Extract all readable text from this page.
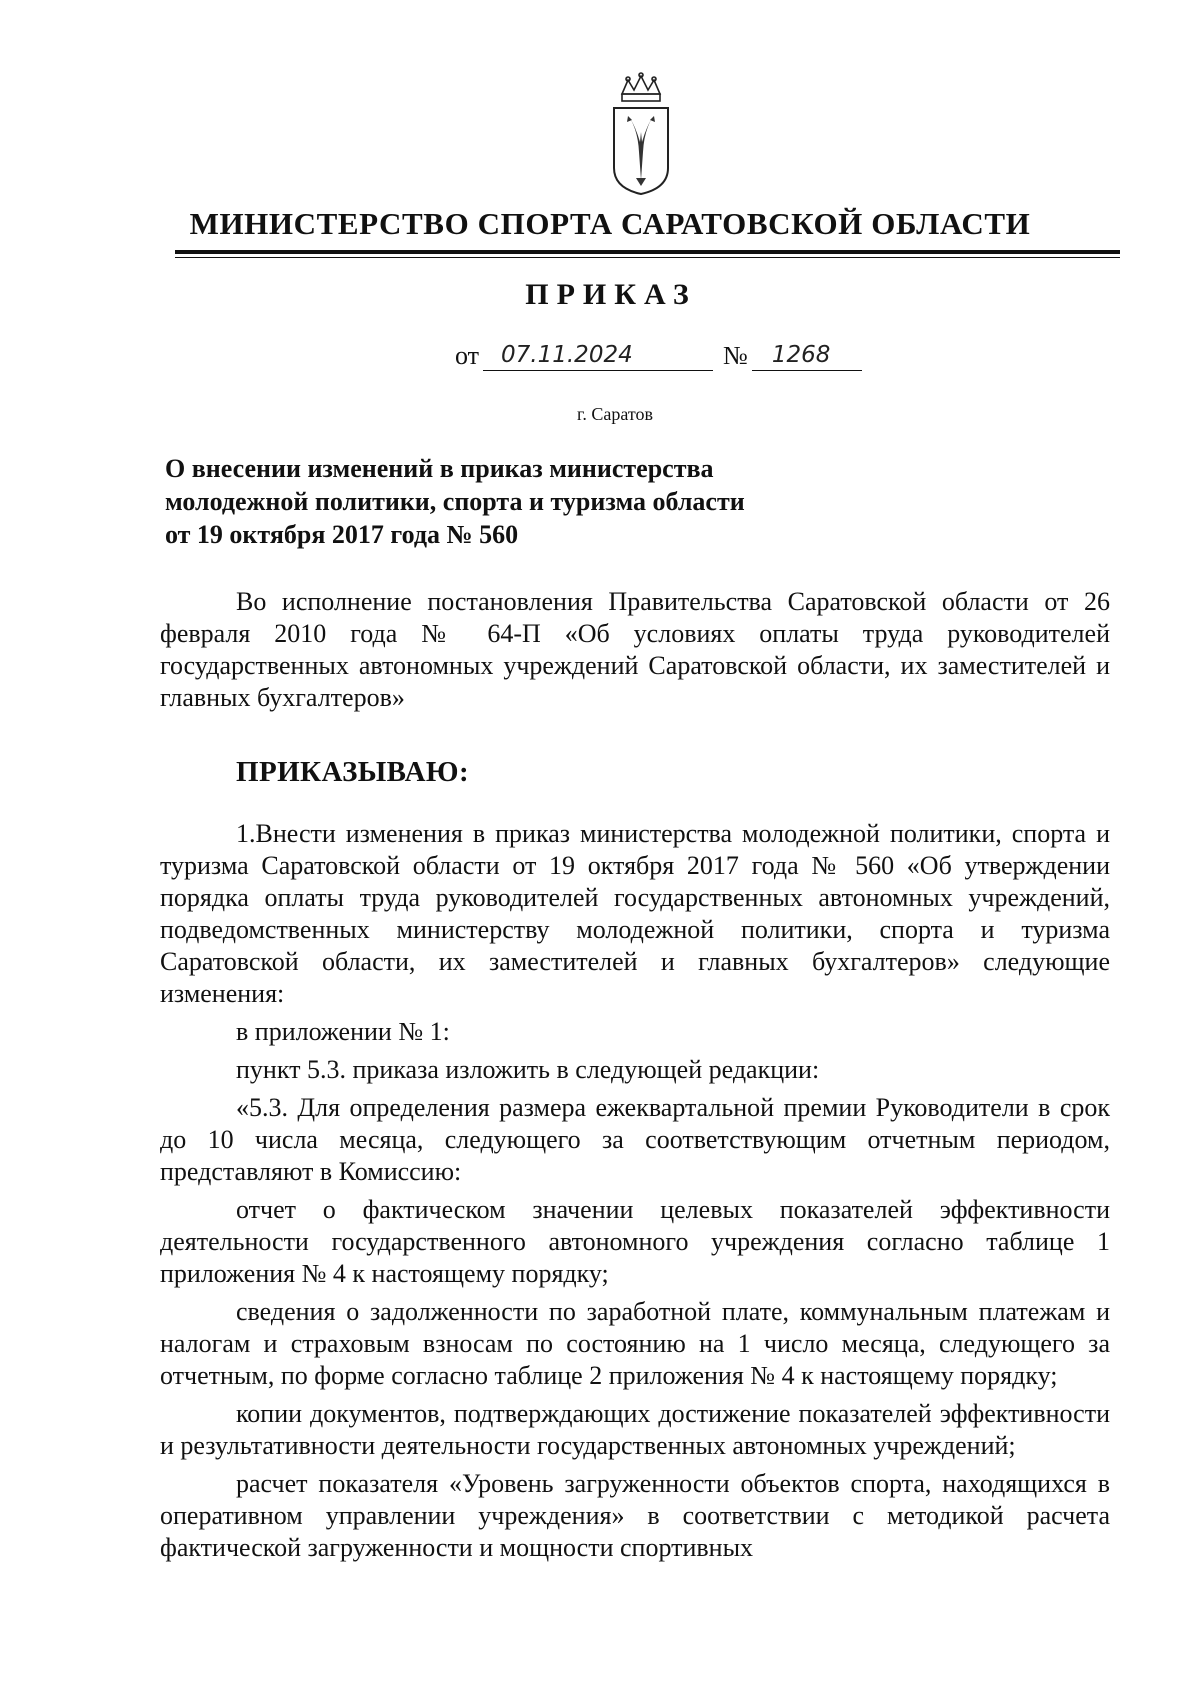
МИНИСТЕРСТВО СПОРТА САРАТОВСКОЙ ОБЛАСТИ
ПРИКАЗ
от 07.11.2024	№ 1268
г. Саратов
О внесении изменений в приказ министерства
молодежной политики, спорта и туризма области
от 19 октября 2017 года № 560

Во исполнение постановления Правительства Саратовской области от 26 февраля 2010 года № 64-П «Об условиях оплаты труда руководителей государственных автономных учреждений Саратовской области, их заместителей и главных бухгалтеров»

ПРИКАЗЫВАЮ:

1.Внести изменения в приказ министерства молодежной политики, спорта и туризма Саратовской области от 19 октября 2017 года № 560 «Об утверждении порядка оплаты труда руководителей государственных автономных учреждений, подведомственных министерству молодежной политики, спорта и туризма Саратовской области, их заместителей и главных бухгалтеров» следующие изменения:

в приложении № 1:

пункт 5.3. приказа изложить в следующей редакции:

«5.3. Для определения размера ежеквартальной премии Руководители в срок до 10 числа месяца, следующего за соответствующим отчетным периодом, представляют в Комиссию:

отчет о фактическом значении целевых показателей эффективности деятельности государственного автономного учреждения согласно таблице 1 приложения № 4 к настоящему порядку;

сведения о задолженности по заработной плате, коммунальным платежам и налогам и страховым взносам по состоянию на 1 число месяца, следующего за отчетным, по форме согласно таблице 2 приложения № 4 к настоящему порядку;

копии документов, подтверждающих достижение показателей эффективности и результативности деятельности государственных автономных учреждений;

расчет показателя «Уровень загруженности объектов спорта, находящихся в оперативном управлении учреждения» в соответствии с методикой расчета фактической загруженности и мощности спортивных
